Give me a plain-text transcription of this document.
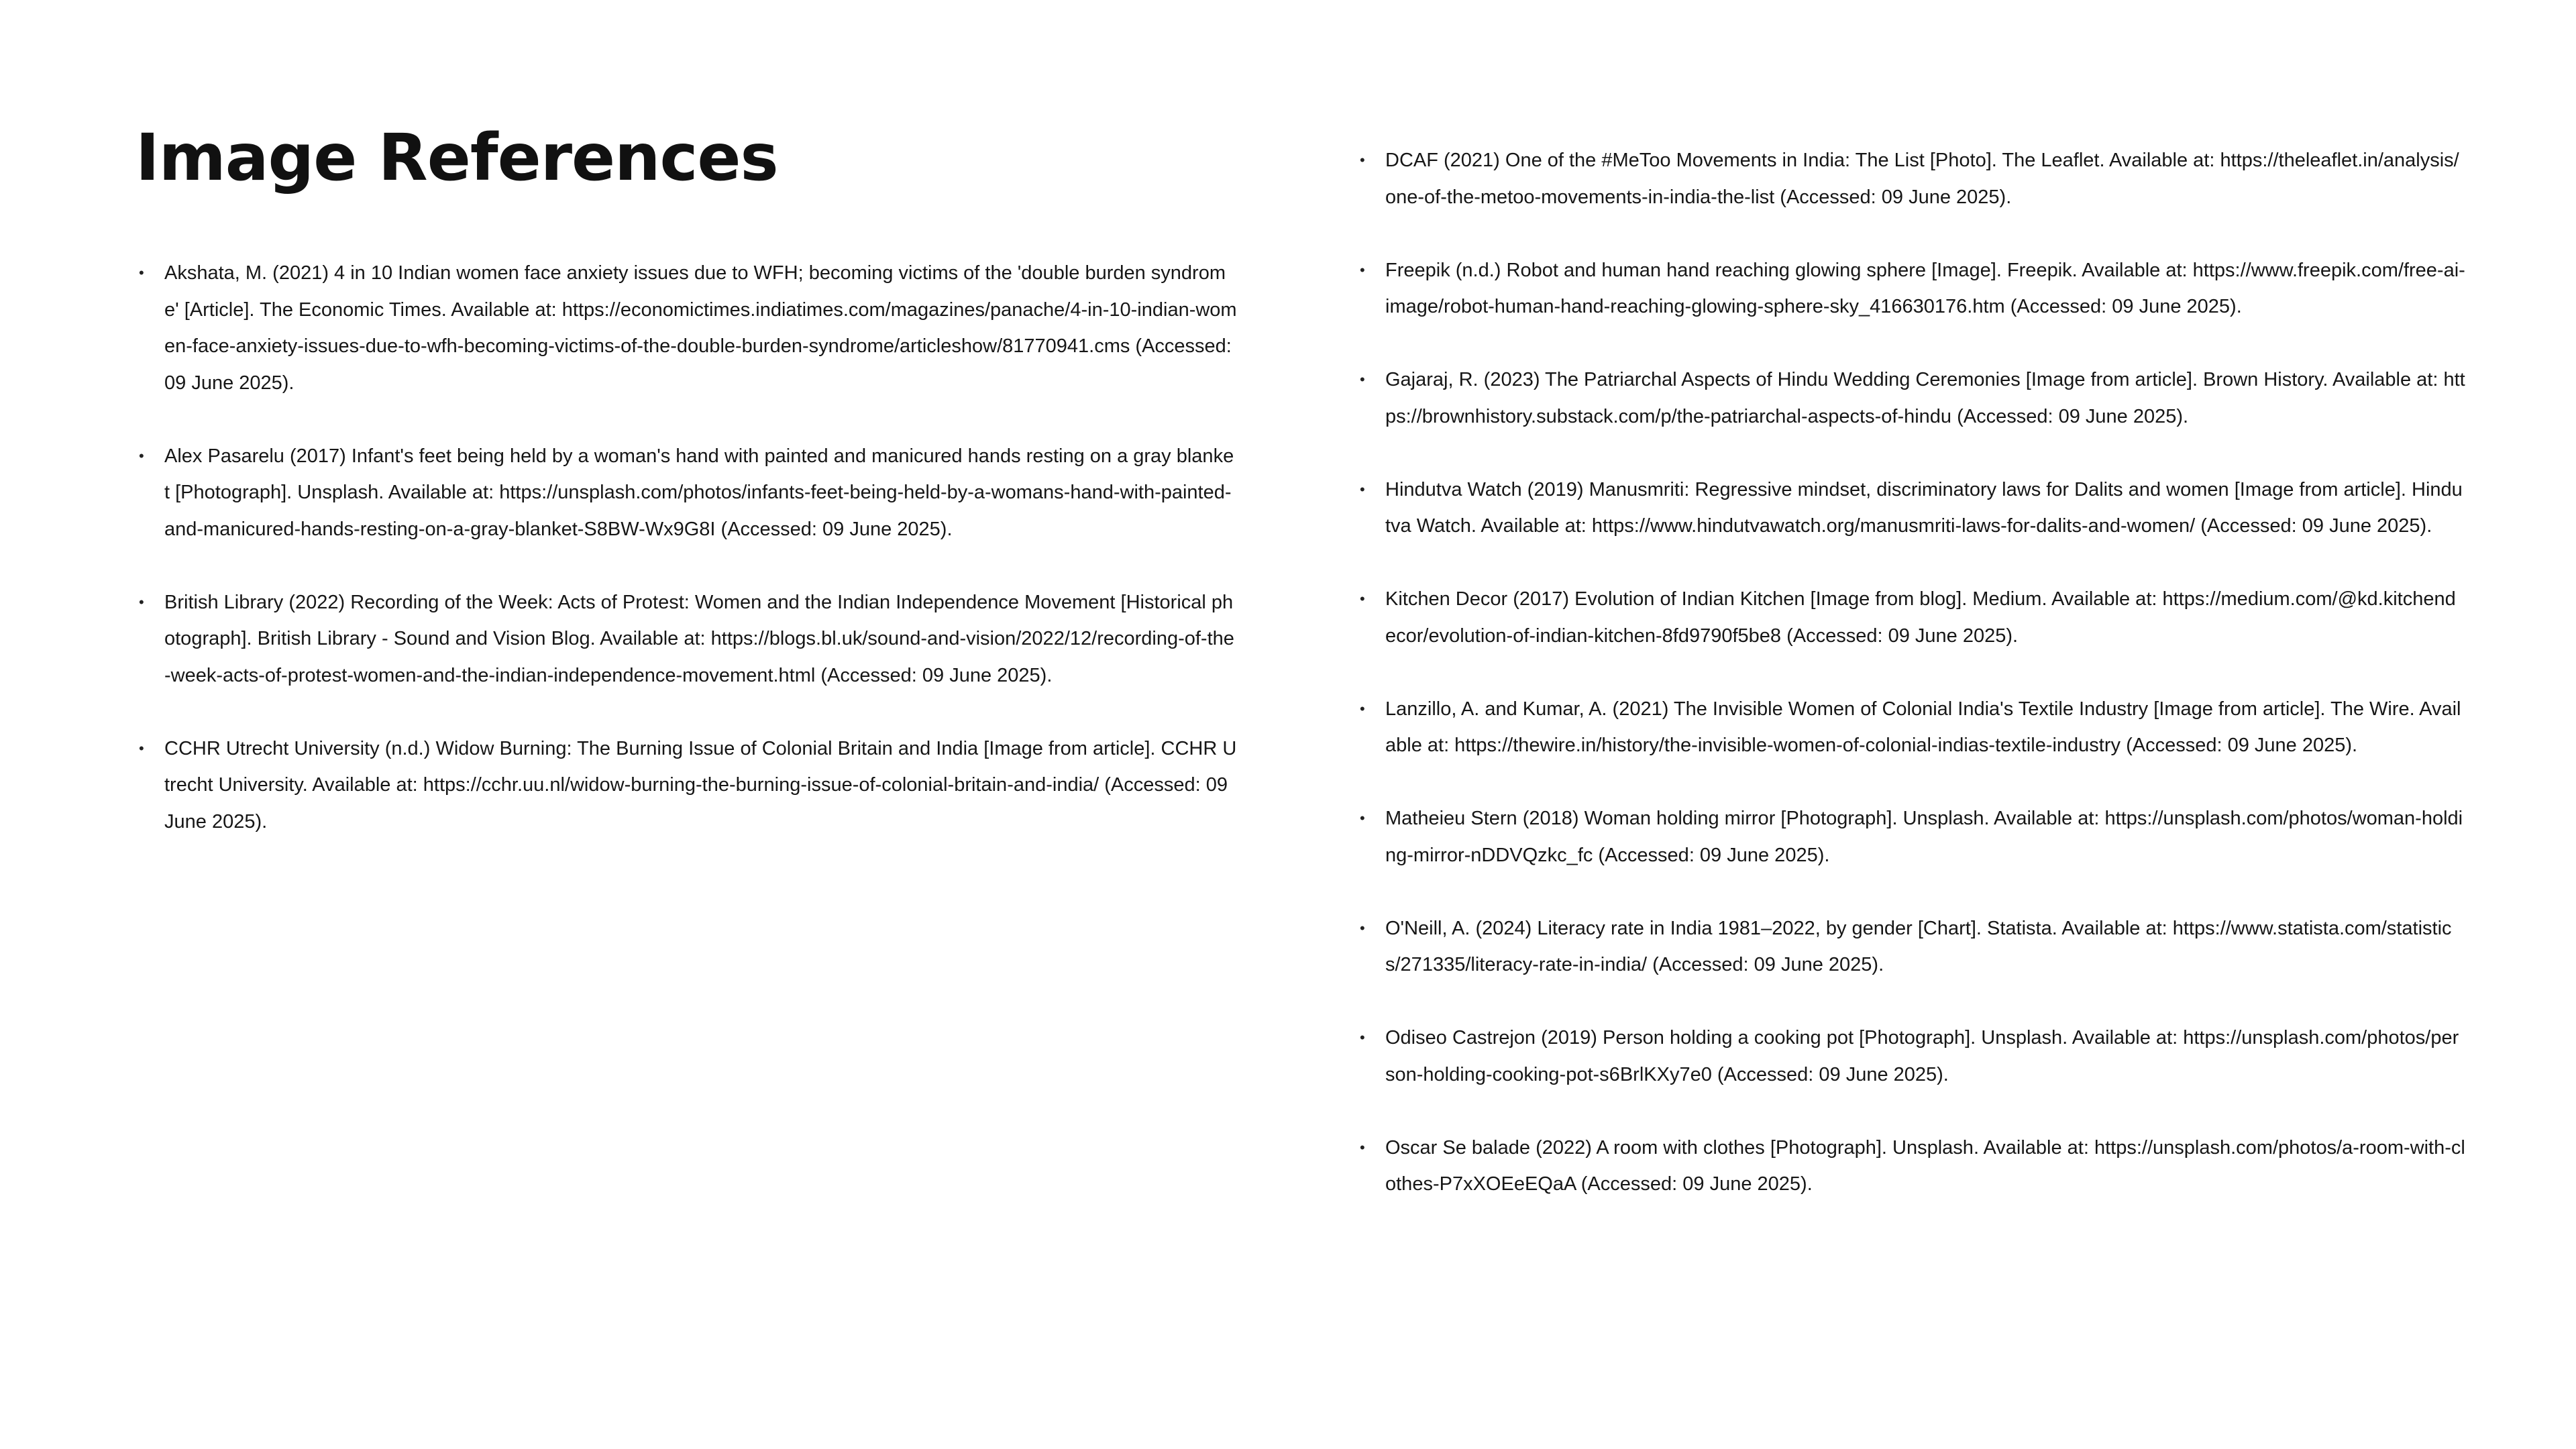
Image References
• Akshata, M. (2021) 4 in 10 Indian women face anxiety issues due to WFH; becoming victims of the 'double burden syndrome' [Article]. The Economic Times. Available at: https://economictimes.indiatimes.com/magazines/panache/4-in-10-indian-women-face-anxiety-issues-due-to-wfh-becoming-victims-of-the-double-burden-syndrome/articleshow/81770941.cms (Accessed: 09 June 2025).
• Alex Pasarelu (2017) Infant's feet being held by a woman's hand with painted and manicured hands resting on a gray blanket [Photograph]. Unsplash. Available at: https://unsplash.com/photos/infants-feet-being-held-by-a-womans-hand-with-painted-and-manicured-hands-resting-on-a-gray-blanket-S8BW-Wx9G8I (Accessed: 09 June 2025).
• British Library (2022) Recording of the Week: Acts of Protest: Women and the Indian Independence Movement [Historical photograph]. British Library - Sound and Vision Blog. Available at: https://blogs.bl.uk/sound-and-vision/2022/12/recording-of-the-week-acts-of-protest-women-and-the-indian-independence-movement.html (Accessed: 09 June 2025).
• CCHR Utrecht University (n.d.) Widow Burning: The Burning Issue of Colonial Britain and India [Image from article]. CCHR Utrecht University. Available at: https://cchr.uu.nl/widow-burning-the-burning-issue-of-colonial-britain-and-india/ (Accessed: 09 June 2025).
• DCAF (2021) One of the #MeToo Movements in India: The List [Photo]. The Leaflet. Available at: https://theleaflet.in/analysis/one-of-the-metoo-movements-in-india-the-list (Accessed: 09 June 2025).
• Freepik (n.d.) Robot and human hand reaching glowing sphere [Image]. Freepik. Available at: https://www.freepik.com/free-ai-image/robot-human-hand-reaching-glowing-sphere-sky_416630176.htm (Accessed: 09 June 2025).
• Gajaraj, R. (2023) The Patriarchal Aspects of Hindu Wedding Ceremonies [Image from article]. Brown History. Available at: https://brownhistory.substack.com/p/the-patriarchal-aspects-of-hindu (Accessed: 09 June 2025).
• Hindutva Watch (2019) Manusmriti: Regressive mindset, discriminatory laws for Dalits and women [Image from article]. Hindutva Watch. Available at: https://www.hindutvawatch.org/manusmriti-laws-for-dalits-and-women/ (Accessed: 09 June 2025).
• Kitchen Decor (2017) Evolution of Indian Kitchen [Image from blog]. Medium. Available at: https://medium.com/@kd.kitchendecor/evolution-of-indian-kitchen-8fd9790f5be8 (Accessed: 09 June 2025).
• Lanzillo, A. and Kumar, A. (2021) The Invisible Women of Colonial India's Textile Industry [Image from article]. The Wire. Available at: https://thewire.in/history/the-invisible-women-of-colonial-indias-textile-industry (Accessed: 09 June 2025).
• Matheieu Stern (2018) Woman holding mirror [Photograph]. Unsplash. Available at: https://unsplash.com/photos/woman-holding-mirror-nDDVQzkc_fc (Accessed: 09 June 2025).
• O'Neill, A. (2024) Literacy rate in India 1981–2022, by gender [Chart]. Statista. Available at: https://www.statista.com/statistics/271335/literacy-rate-in-india/ (Accessed: 09 June 2025).
• Odiseo Castrejon (2019) Person holding a cooking pot [Photograph]. Unsplash. Available at: https://unsplash.com/photos/person-holding-cooking-pot-s6BrlKXy7e0 (Accessed: 09 June 2025).
• Oscar Se balade (2022) A room with clothes [Photograph]. Unsplash. Available at: https://unsplash.com/photos/a-room-with-clothes-P7xXOEeEQaA (Accessed: 09 June 2025).
